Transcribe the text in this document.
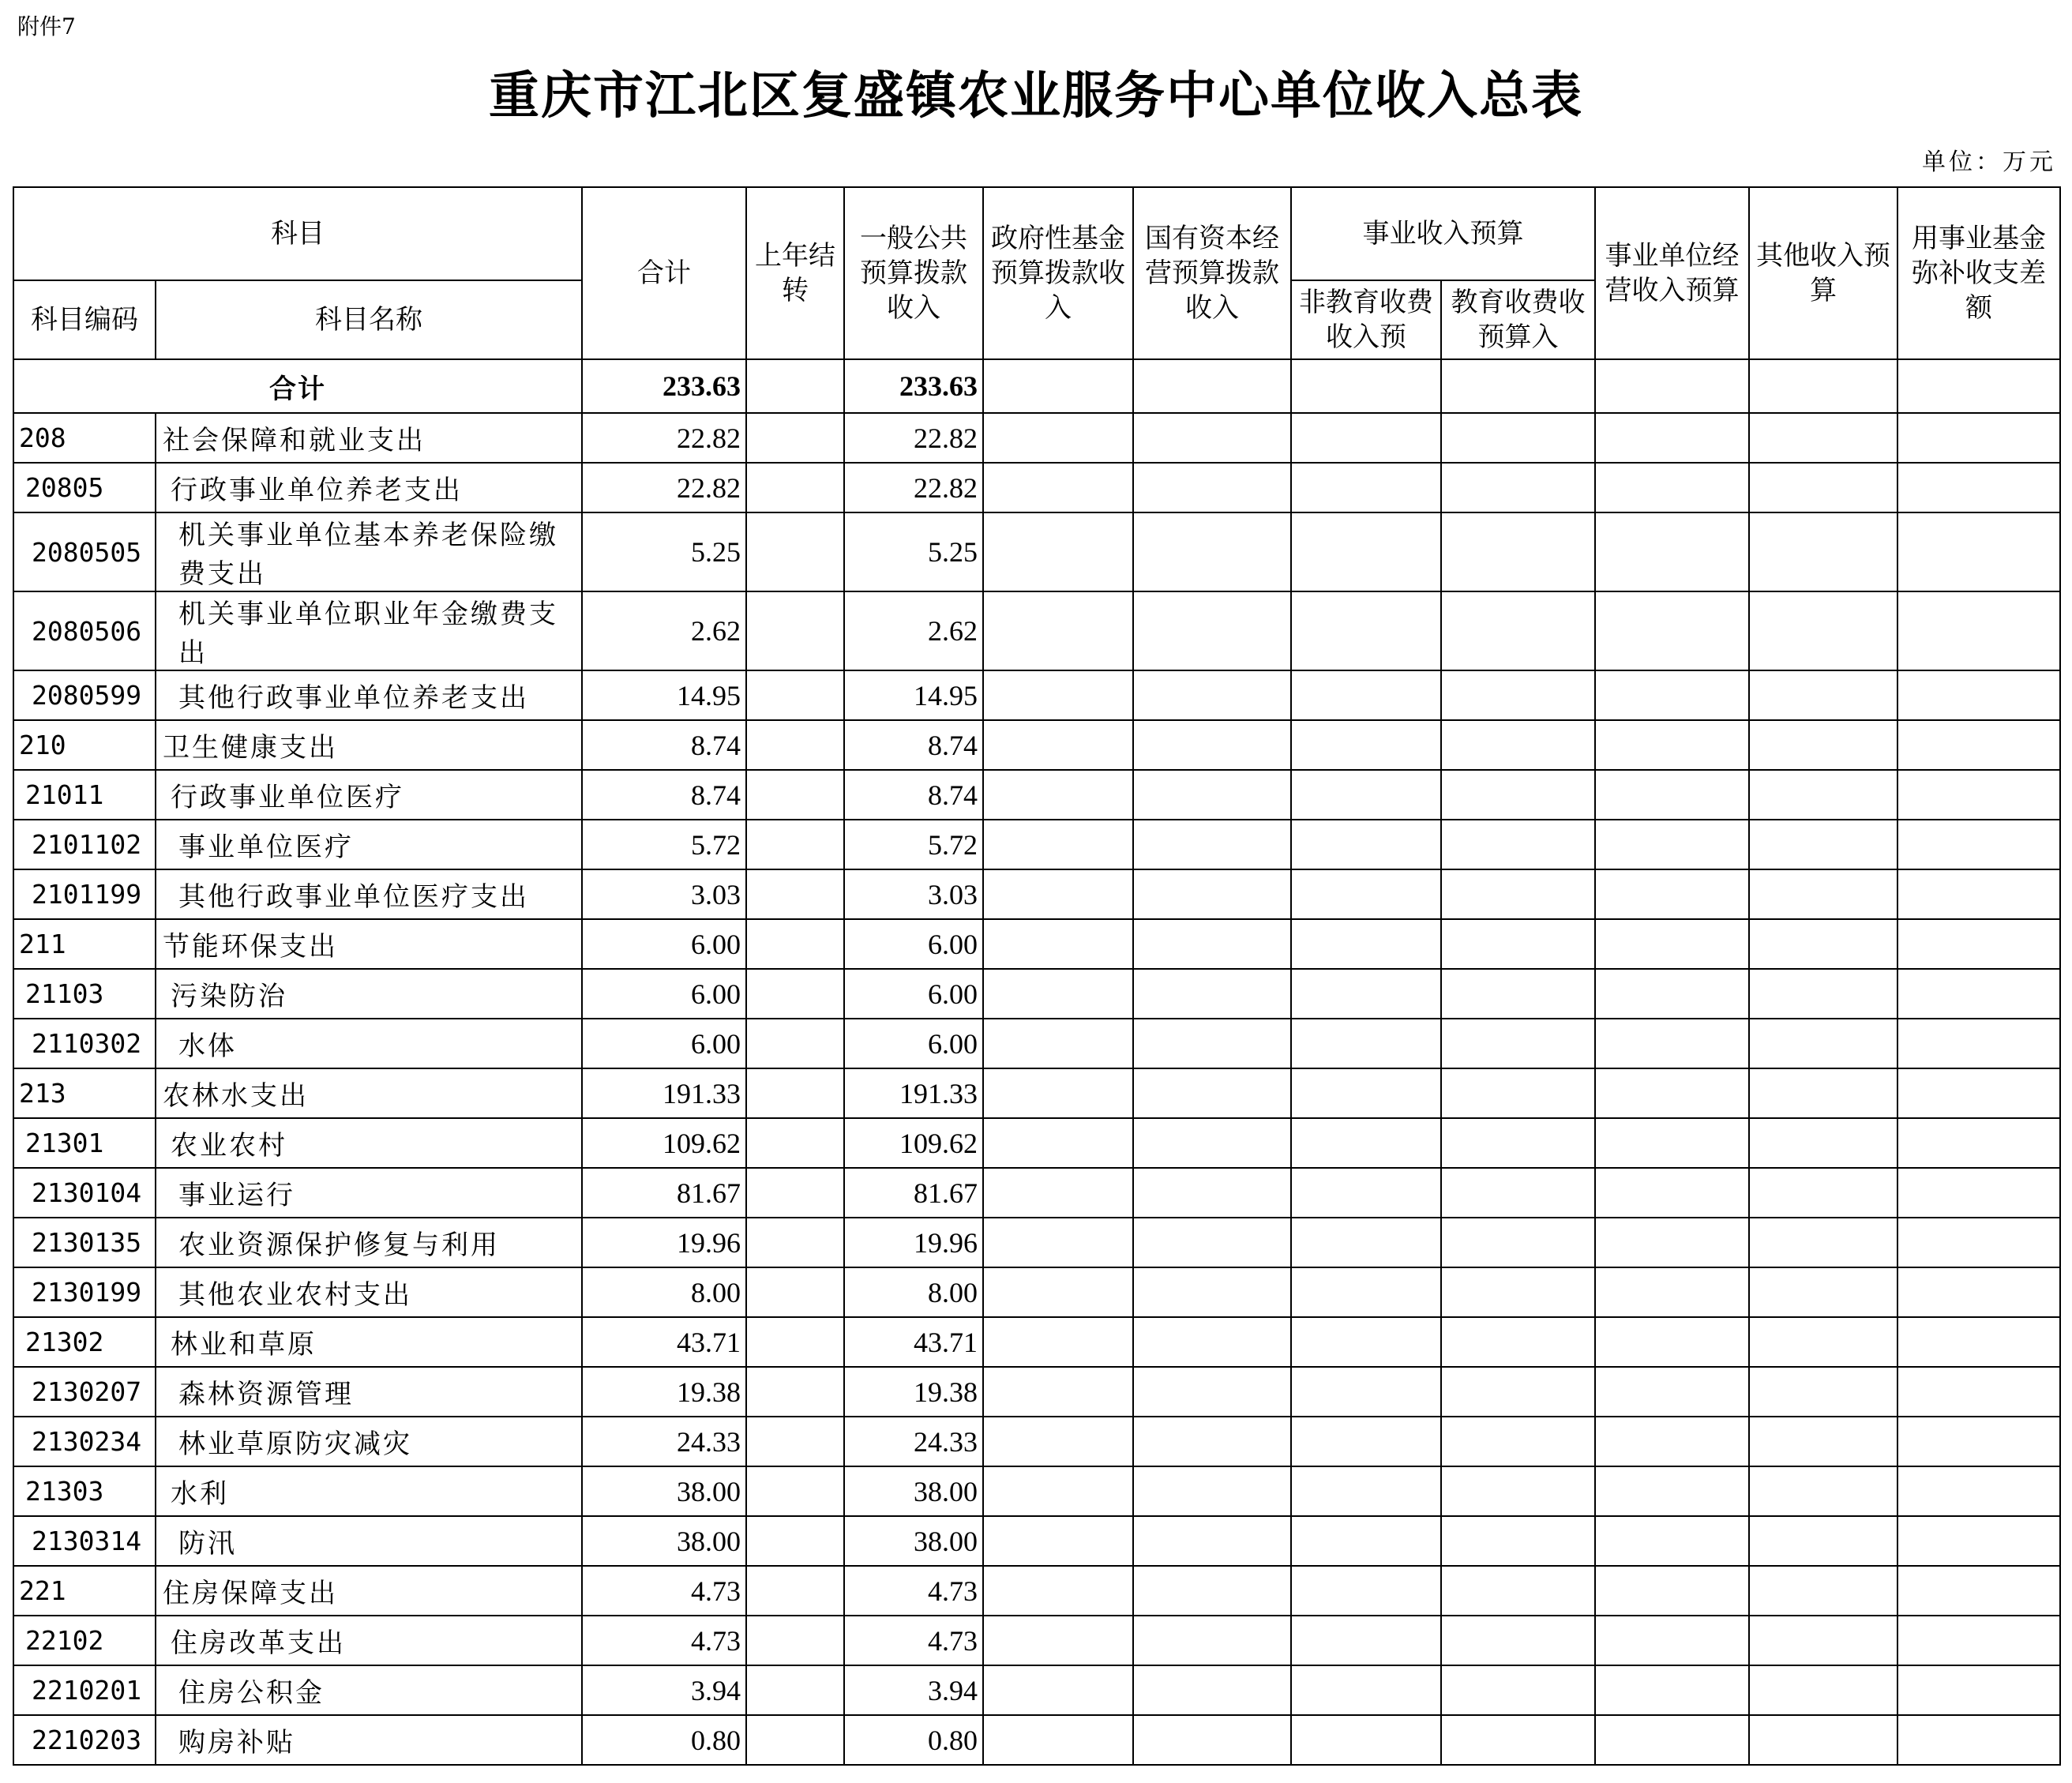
附件7
重庆市江北区复盛镇农业服务中心单位收入总表
单位：万元
科目		合计	上年结转	一般公共预算拨款收入	政府性基金预算拨款收入	国有资本经营预算拨款收入	事业收入预算		事业单位经营收入预算	其他收入预算	用事业基金弥补收支差额
科目编码	科目名称						非教育收费收入预	教育收费收预算入			
合计		233.63		233.63							
208	社会保障和就业支出	22.82		22.82							
20805	行政事业单位养老支出	22.82		22.82							
2080505	机关事业单位基本养老保险缴费支出	5.25		5.25							
2080506	机关事业单位职业年金缴费支出	2.62		2.62							
2080599	其他行政事业单位养老支出	14.95		14.95							
210	卫生健康支出	8.74		8.74							
21011	行政事业单位医疗	8.74		8.74							
2101102	事业单位医疗	5.72		5.72							
2101199	其他行政事业单位医疗支出	3.03		3.03							
211	节能环保支出	6.00		6.00							
21103	污染防治	6.00		6.00							
2110302	水体	6.00		6.00							
213	农林水支出	191.33		191.33							
21301	农业农村	109.62		109.62							
2130104	事业运行	81.67		81.67							
2130135	农业资源保护修复与利用	19.96		19.96							
2130199	其他农业农村支出	8.00		8.00							
21302	林业和草原	43.71		43.71							
2130207	森林资源管理	19.38		19.38							
2130234	林业草原防灾减灾	24.33		24.33							
21303	水利	38.00		38.00							
2130314	防汛	38.00		38.00							
221	住房保障支出	4.73		4.73							
22102	住房改革支出	4.73		4.73							
2210201	住房公积金	3.94		3.94							
2210203	购房补贴	0.80		0.80							
